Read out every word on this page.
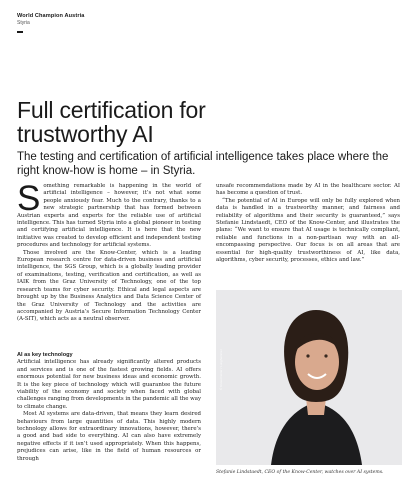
World Champion Austria
Styria
Full certification for
trustworthy AI
The testing and certification of artificial intelligence takes place where the right know-how is home – in Styria.

Something remarkable is happening in the world of artificial intelligence – however, it’s not what some people anxiously fear. Much to the contrary, thanks to a new strategic partnership that has formed between Austrian experts and experts for the reliable use of artificial intelligence. This has turned Styria into a global pioneer in testing and certifying artificial intelligence. It is here that the new initiative was created to develop efficient and independent testing procedures and technology for artificial systems.

Those involved are the Know-Center, which is a leading European research centre for data-driven business and artificial intelligence, the SGS Group, which is a globally leading provider of examinations, testing, verification and certification, as well as IAIK from the Graz University of Technology, one of the top research teams for cyber security. Ethical and legal aspects are brought up by the Business Analytics and Data Science Center of the Graz University of Technology and the activities are accompanied by Austria’s Secure Information Technology Center (A-SIT), which acts as a neutral observer.

AI as key technology

Artificial intelligence has already significantly altered products and services and is one of the fastest growing fields. AI offers enormous potential for new business ideas and economic growth. It is the key piece of technology which will guarantee the future viability of the economy and society when faced with global challenges ranging from developments in the pandemic all the way to climate change.

Most AI systems are data-driven, that means they learn desired behaviours from large quantities of data. This highly modern technology allows for extraordinary innovations, however, there’s a good and bad side to everything. AI can also have extremely negative effects if it isn’t used appropriately. When this happens, prejudices can arise, like in the field of human resources or through

unsafe recommendations made by AI in the healthcare sector. AI has become a question of trust.

“The potential of AI in Europe will only be fully explored when data is handled in a trustworthy manner, and fairness and reliability of algorithms and their security is guaranteed,” says Stefanie Lindstaedt, CEO of the Know-Center, and illustrates the plans: “We want to ensure that AI usage is technically compliant, reliable and functions in a non-partisan way with an all-encompassing perspective. Our focus is on all areas that are essential for high-quality trustworthiness of AI, like data, algorithms, cyber security, processes, ethics and law.”

© Know-Center / Lunghammer
Stefanie Lindstaedt, CEO of the Know-Center, watches over AI systems.
